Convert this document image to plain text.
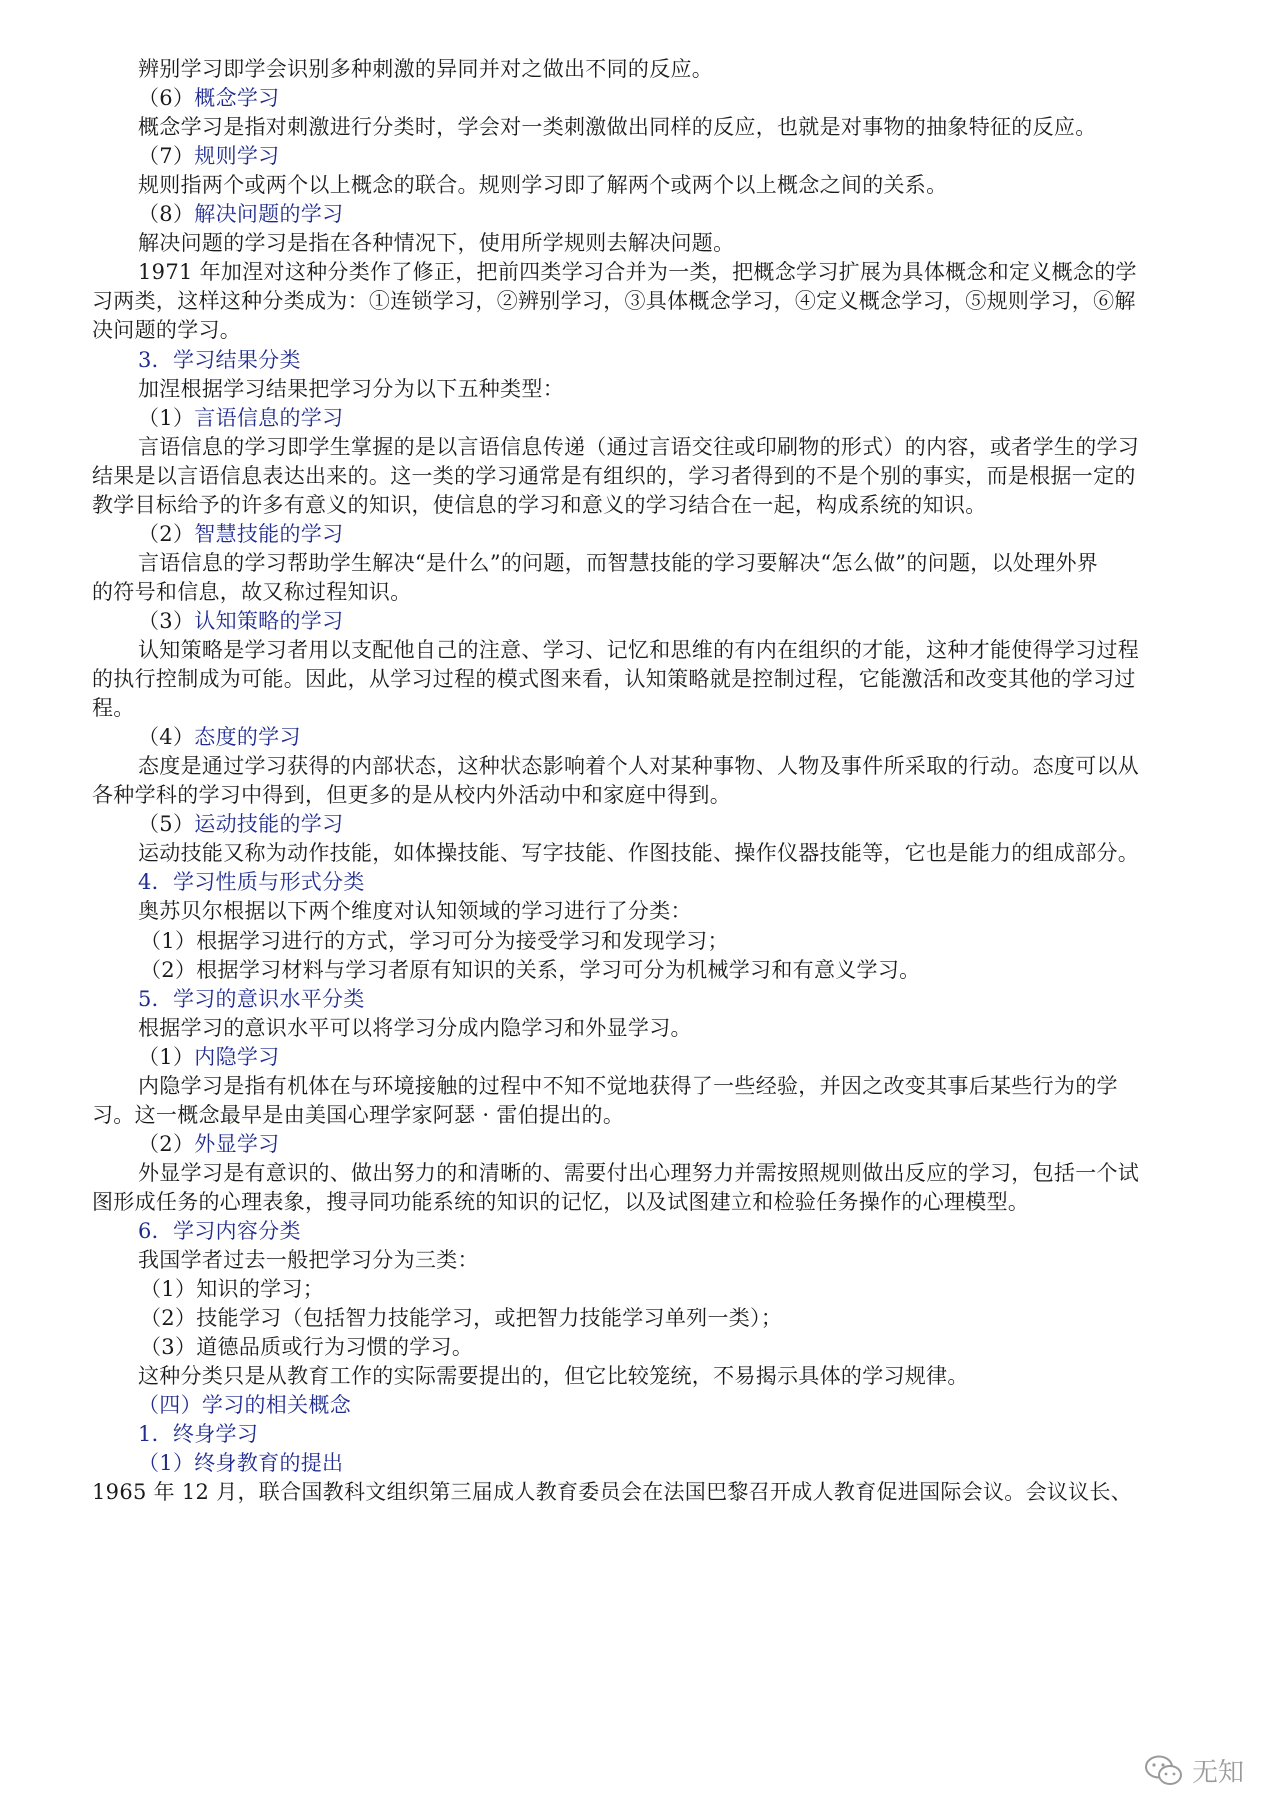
辨别学习即学会识别多种刺激的异同并对之做出不同的反应。
（6）概念学习
概念学习是指对刺激进行分类时，学会对一类刺激做出同样的反应，也就是对事物的抽象特征的反应。
（7）规则学习
规则指两个或两个以上概念的联合。规则学习即了解两个或两个以上概念之间的关系。
（8）解决问题的学习
解决问题的学习是指在各种情况下，使用所学规则去解决问题。
1971 年加涅对这种分类作了修正，把前四类学习合并为一类，把概念学习扩展为具体概念和定义概念的学
习两类，这样这种分类成为：①连锁学习，②辨别学习，③具体概念学习，④定义概念学习，⑤规则学习，⑥解
决问题的学习。
3．学习结果分类
加涅根据学习结果把学习分为以下五种类型：
（1）言语信息的学习
言语信息的学习即学生掌握的是以言语信息传递（通过言语交往或印刷物的形式）的内容，或者学生的学习
结果是以言语信息表达出来的。这一类的学习通常是有组织的，学习者得到的不是个别的事实，而是根据一定的
教学目标给予的许多有意义的知识，使信息的学习和意义的学习结合在一起，构成系统的知识。
（2）智慧技能的学习
言语信息的学习帮助学生解决“是什么”的问题，而智慧技能的学习要解决“怎么做”的问题，以处理外界
的符号和信息，故又称过程知识。
（3）认知策略的学习
认知策略是学习者用以支配他自己的注意、学习、记忆和思维的有内在组织的才能，这种才能使得学习过程
的执行控制成为可能。因此，从学习过程的模式图来看，认知策略就是控制过程，它能激活和改变其他的学习过
程。
（4）态度的学习
态度是通过学习获得的内部状态，这种状态影响着个人对某种事物、人物及事件所采取的行动。态度可以从
各种学科的学习中得到，但更多的是从校内外活动中和家庭中得到。
（5）运动技能的学习
运动技能又称为动作技能，如体操技能、写字技能、作图技能、操作仪器技能等，它也是能力的组成部分。
4．学习性质与形式分类
奥苏贝尔根据以下两个维度对认知领域的学习进行了分类：
（1）根据学习进行的方式，学习可分为接受学习和发现学习；
（2）根据学习材料与学习者原有知识的关系，学习可分为机械学习和有意义学习。
5．学习的意识水平分类
根据学习的意识水平可以将学习分成内隐学习和外显学习。
（1）内隐学习
内隐学习是指有机体在与环境接触的过程中不知不觉地获得了一些经验，并因之改变其事后某些行为的学
习。这一概念最早是由美国心理学家阿瑟 · 雷伯提出的。
（2）外显学习
外显学习是有意识的、做出努力的和清晰的、需要付出心理努力并需按照规则做出反应的学习，包括一个试
图形成任务的心理表象，搜寻同功能系统的知识的记忆，以及试图建立和检验任务操作的心理模型。
6．学习内容分类
我国学者过去一般把学习分为三类：
（1）知识的学习；
（2）技能学习（包括智力技能学习，或把智力技能学习单列一类）；
（3）道德品质或行为习惯的学习。
这种分类只是从教育工作的实际需要提出的，但它比较笼统，不易揭示具体的学习规律。
（四）学习的相关概念
1．终身学习
（1）终身教育的提出
1965 年 12 月，联合国教科文组织第三届成人教育委员会在法国巴黎召开成人教育促进国际会议。会议议长、
无知
